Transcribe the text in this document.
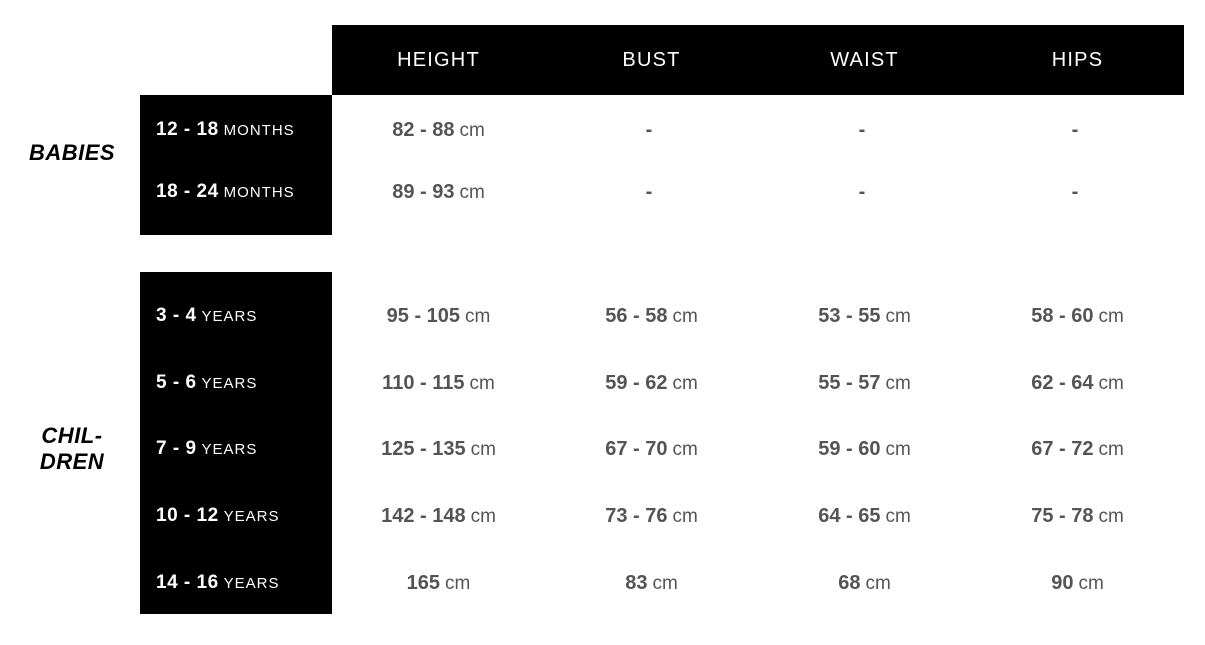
HEIGHT	BUST	WAIST	HIPS
BABIES
CHIL- DREN
12 - 18 MONTHS	82 - 88 cm	-	-	-
18 - 24 MONTHS	89 - 93 cm	-	-	-
3 - 4 YEARS	95 - 105 cm	56 - 58 cm	53 - 55 cm	58 - 60 cm
5 - 6 YEARS	110 - 115 cm	59 - 62 cm	55 - 57 cm	62 - 64 cm
7 - 9 YEARS	125 - 135 cm	67 - 70 cm	59 - 60 cm	67 - 72 cm
10 - 12 YEARS	142 - 148 cm	73 - 76 cm	64 - 65 cm	75 - 78 cm
14 - 16 YEARS	165 cm	83 cm	68 cm	90 cm
